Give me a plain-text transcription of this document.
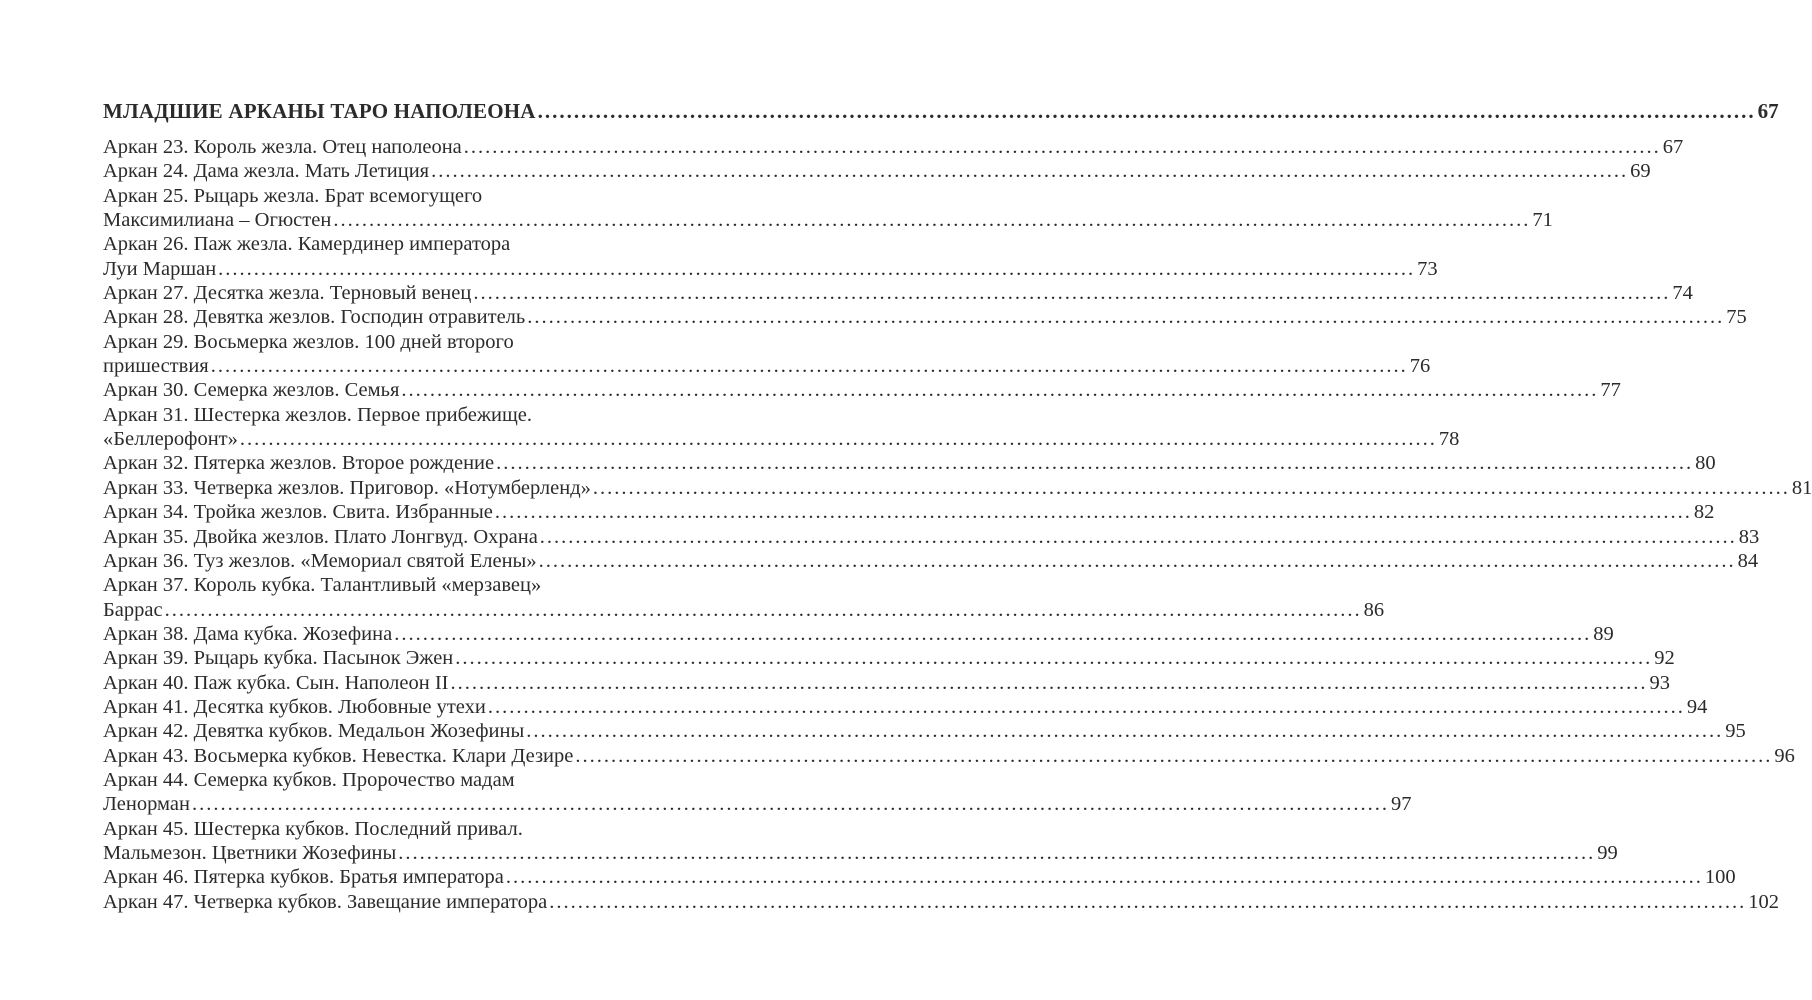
МЛАДШИЕ АРКАНЫ ТАРО НАПОЛЕОНА .....	67
Аркан 23. Король жезла. Отец наполеона .....	67
Аркан 24. Дама жезла. Мать Летиция .....	69
Аркан 25. Рыцарь жезла. Брат всемогущего
Максимилиана – Огюстен .....	71
Аркан 26. Паж жезла. Камердинер императора
Луи Маршан .....	73
Аркан 27. Десятка жезла. Терновый венец .....	74
Аркан 28. Девятка жезлов. Господин отравитель .....	75
Аркан 29. Восьмерка жезлов. 100 дней второго
пришествия .....	76
Аркан 30. Семерка жезлов. Семья .....	77
Аркан 31. Шестерка жезлов. Первое прибежище.
«Беллерофонт» .....	78
Аркан 32. Пятерка жезлов. Второе рождение .....	80
Аркан 33. Четверка жезлов. Приговор. «Нотумберленд» .....	81
Аркан 34. Тройка жезлов. Свита. Избранные .....	82
Аркан 35. Двойка жезлов. Плато Лонгвуд. Охрана .....	83
Аркан 36. Туз жезлов. «Мемориал святой Елены» .....	84
Аркан 37. Король кубка. Талантливый «мерзавец»
Баррас .....	86
Аркан 38. Дама кубка. Жозефина .....	89
Аркан 39. Рыцарь кубка. Пасынок Эжен .....	92
Аркан 40. Паж кубка. Сын. Наполеон II .....	93
Аркан 41. Десятка кубков. Любовные утехи .....	94
Аркан 42. Девятка кубков. Медальон Жозефины .....	95
Аркан 43. Восьмерка кубков. Невестка. Клари Дезире .....	96
Аркан 44. Семерка кубков. Пророчество мадам
Ленорман .....	97
Аркан 45. Шестерка кубков. Последний привал.
Мальмезон. Цветники Жозефины .....	99
Аркан 46. Пятерка кубков. Братья императора .....	100
Аркан 47. Четверка кубков. Завещание императора .....	102
